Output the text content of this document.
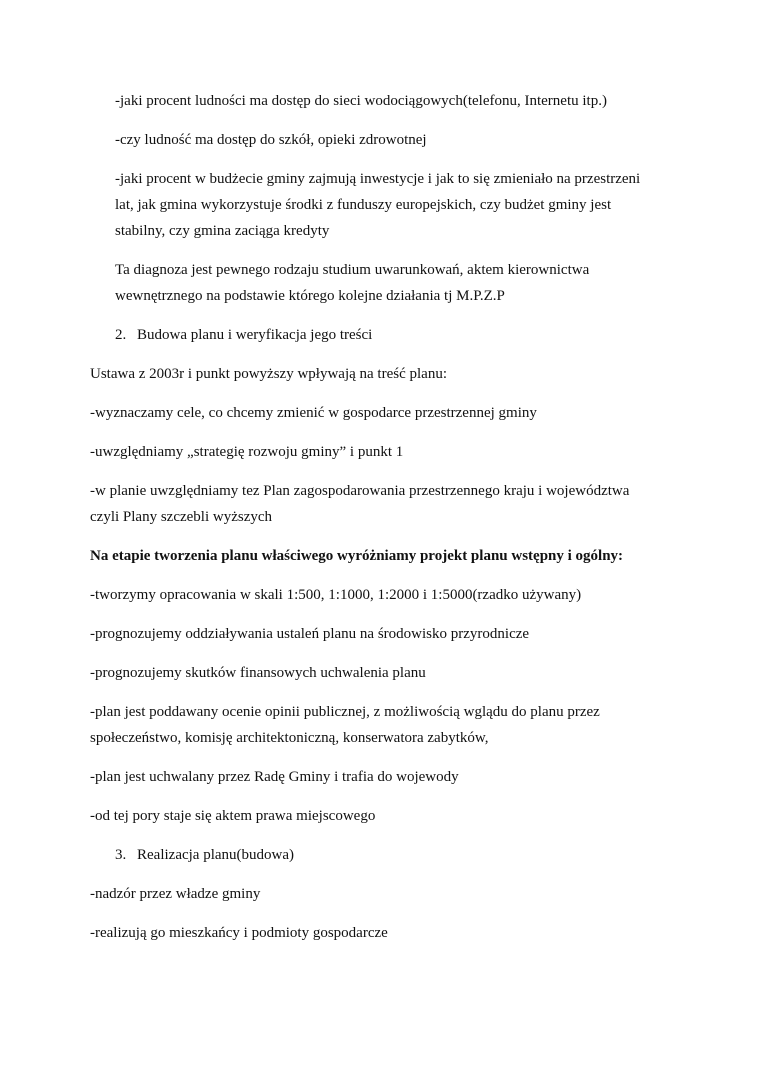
-jaki procent ludności ma dostęp do sieci wodociągowych(telefonu, Internetu itp.)
-czy ludność ma dostęp do szkół, opieki zdrowotnej
-jaki procent w budżecie gminy zajmują inwestycje i jak to się zmieniało na przestrzeni
lat, jak gmina wykorzystuje środki z funduszy europejskich, czy budżet gminy jest
stabilny, czy gmina zaciąga kredyty
Ta diagnoza jest pewnego rodzaju studium uwarunkowań, aktem kierownictwa
wewnętrznego na podstawie którego kolejne działania tj M.P.Z.P
2. Budowa planu i weryfikacja jego treści
Ustawa z 2003r i punkt powyższy wpływają na treść planu:
-wyznaczamy cele, co chcemy zmienić w gospodarce przestrzennej gminy
-uwzględniamy „strategię rozwoju gminy” i punkt 1
-w planie uwzględniamy tez Plan zagospodarowania przestrzennego kraju i województwa
czyli Plany szczebli wyższych
Na etapie tworzenia planu właściwego wyróżniamy projekt planu wstępny i ogólny:
-tworzymy opracowania w skali 1:500, 1:1000, 1:2000 i 1:5000(rzadko używany)
-prognozujemy oddziaływania ustaleń planu na środowisko przyrodnicze
-prognozujemy skutków finansowych uchwalenia planu
-plan jest poddawany ocenie opinii publicznej, z możliwością wglądu do planu przez
społeczeństwo, komisję architektoniczną, konserwatora zabytków,
-plan jest uchwalany przez Radę Gminy i trafia do wojewody
-od tej pory staje się aktem prawa miejscowego
3. Realizacja planu(budowa)
-nadzór przez władze gminy
-realizują go mieszkańcy i podmioty gospodarcze
